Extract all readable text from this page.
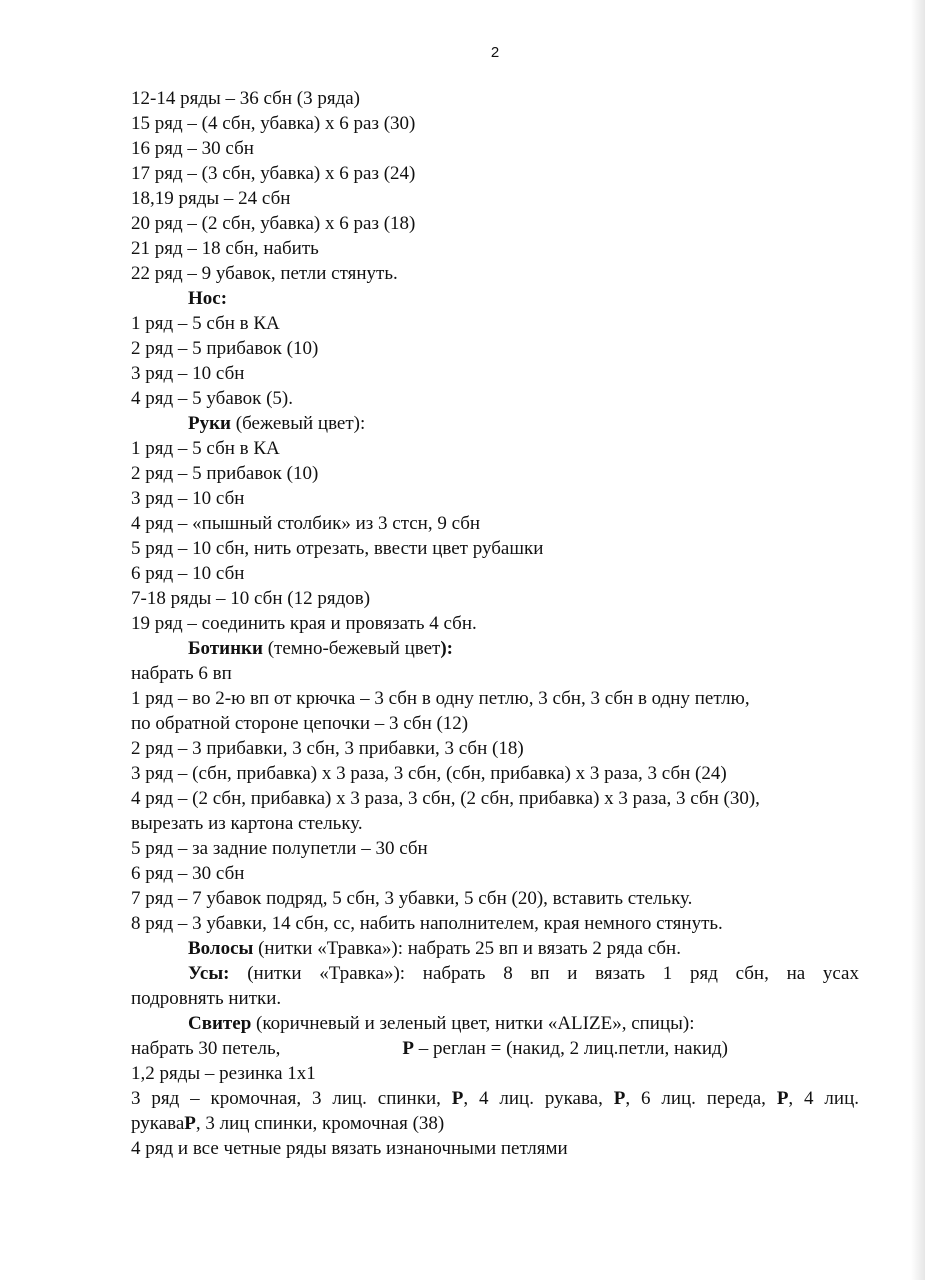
2
12-14 ряды – 36 сбн (3 ряда)
15 ряд – (4 сбн, убавка) х 6 раз (30)
16 ряд – 30 сбн
17 ряд – (3 сбн, убавка) х 6 раз (24)
18,19 ряды – 24 сбн
20 ряд – (2 сбн, убавка) х 6 раз (18)
21 ряд – 18 сбн, набить
22 ряд – 9 убавок, петли стянуть.
Нос:
1 ряд – 5 сбн в КА
2 ряд – 5 прибавок (10)
3 ряд – 10 сбн
4 ряд – 5 убавок (5).
Руки (бежевый цвет):
1 ряд – 5 сбн в КА
2 ряд – 5 прибавок (10)
3 ряд – 10 сбн
4 ряд – «пышный столбик» из 3 стсн, 9 сбн
5 ряд – 10 сбн, нить отрезать, ввести цвет рубашки
6 ряд – 10 сбн
7-18 ряды – 10 сбн (12 рядов)
19 ряд – соединить края и провязать 4 сбн.
Ботинки (темно-бежевый цвет):
набрать 6 вп
1 ряд – во 2-ю вп от крючка – 3 сбн в одну петлю, 3 сбн, 3 сбн в одну петлю,
по обратной стороне цепочки – 3 сбн (12)
2 ряд – 3 прибавки, 3 сбн, 3 прибавки, 3 сбн (18)
3 ряд – (сбн, прибавка) х 3 раза, 3 сбн, (сбн, прибавка) х 3 раза, 3 сбн (24)
4 ряд – (2 сбн, прибавка) х 3 раза, 3 сбн, (2 сбн, прибавка) х 3 раза, 3 сбн (30),
вырезать из картона стельку.
5 ряд – за задние полупетли – 30 сбн
6 ряд – 30 сбн
7 ряд – 7 убавок подряд, 5 сбн, 3 убавки, 5 сбн (20), вставить стельку.
8 ряд – 3 убавки, 14 сбн, сс, набить наполнителем, края немного стянуть.
Волосы (нитки «Травка»): набрать 25 вп и вязать 2 ряда сбн.
Усы: (нитки «Травка»): набрать 8 вп и вязать 1 ряд сбн, на усах
подровнять нитки.
Свитер (коричневый и зеленый цвет, нитки «ALIZE», спицы):
набрать 30 петель,	Р – реглан = (накид, 2 лиц.петли, накид)
1,2 ряды – резинка 1х1
3 ряд – кромочная, 3 лиц. спинки, Р, 4 лиц. рукава, Р, 6 лиц. переда, Р, 4 лиц.
рукаваР, 3 лиц спинки, кромочная (38)
4 ряд и все четные ряды вязать изнаночными петлями
